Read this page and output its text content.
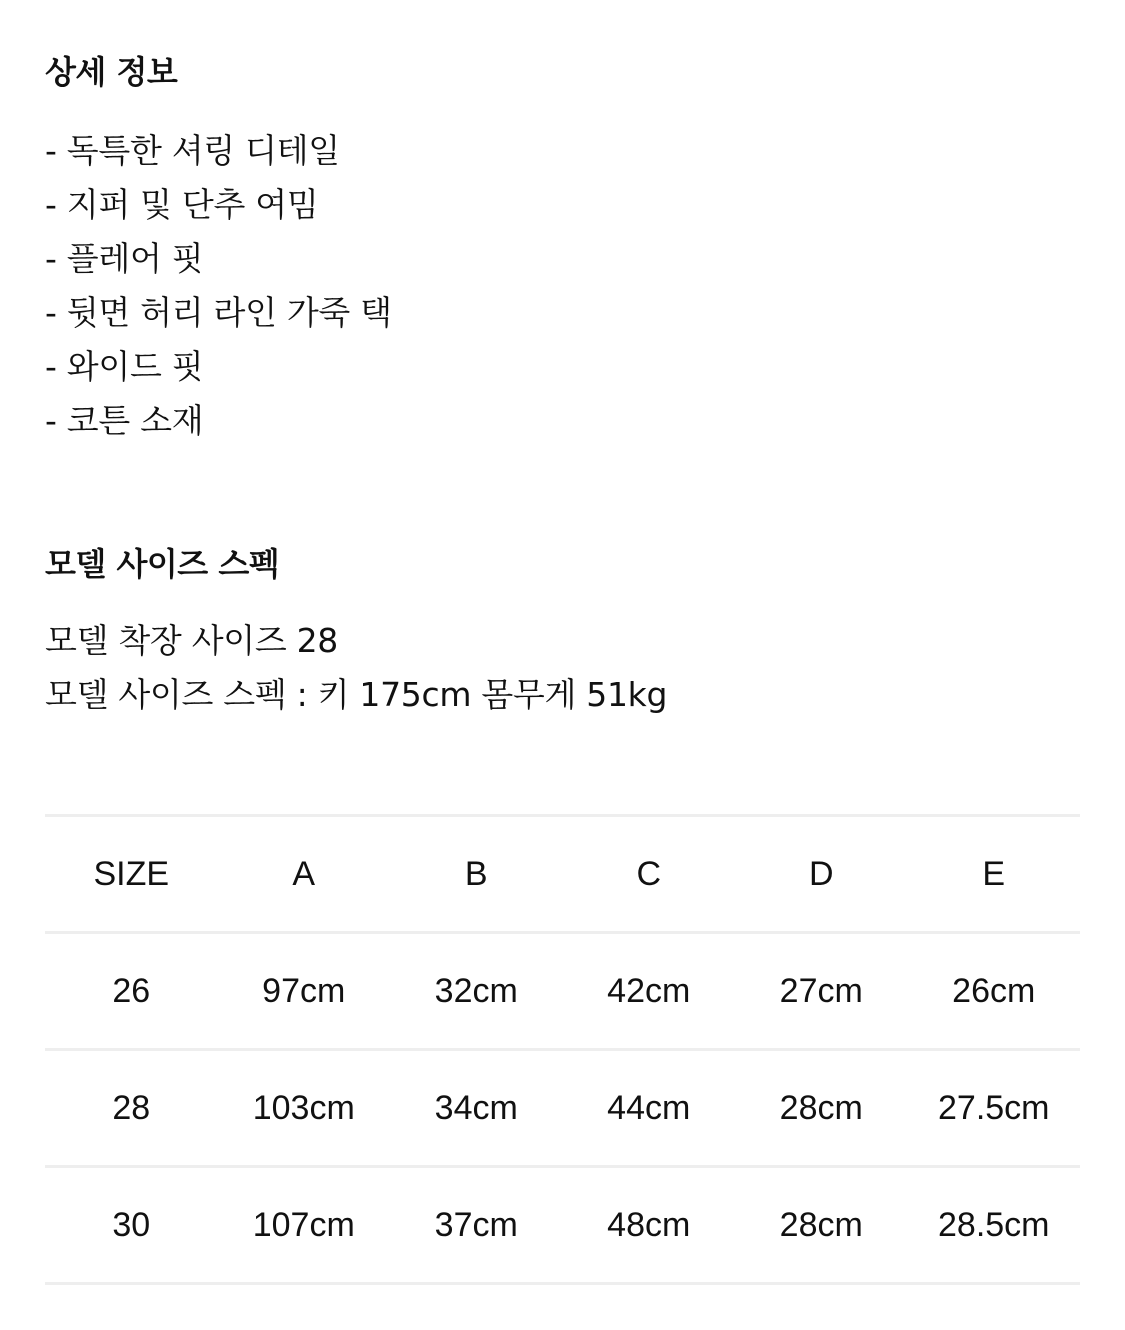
상세 정보
- 독특한 셔링 디테일
- 지퍼 및 단추 여밈
- 플레어 핏
- 뒷면 허리 라인 가죽 택
- 와이드 핏
- 코튼 소재
모델 사이즈 스펙
모델 착장 사이즈 28
모델 사이즈 스펙 : 키 175cm 몸무게 51kg
SIZE	A	B	C	D	E
26	97cm	32cm	42cm	27cm	26cm
28	103cm	34cm	44cm	28cm	27.5cm
30	107cm	37cm	48cm	28cm	28.5cm
